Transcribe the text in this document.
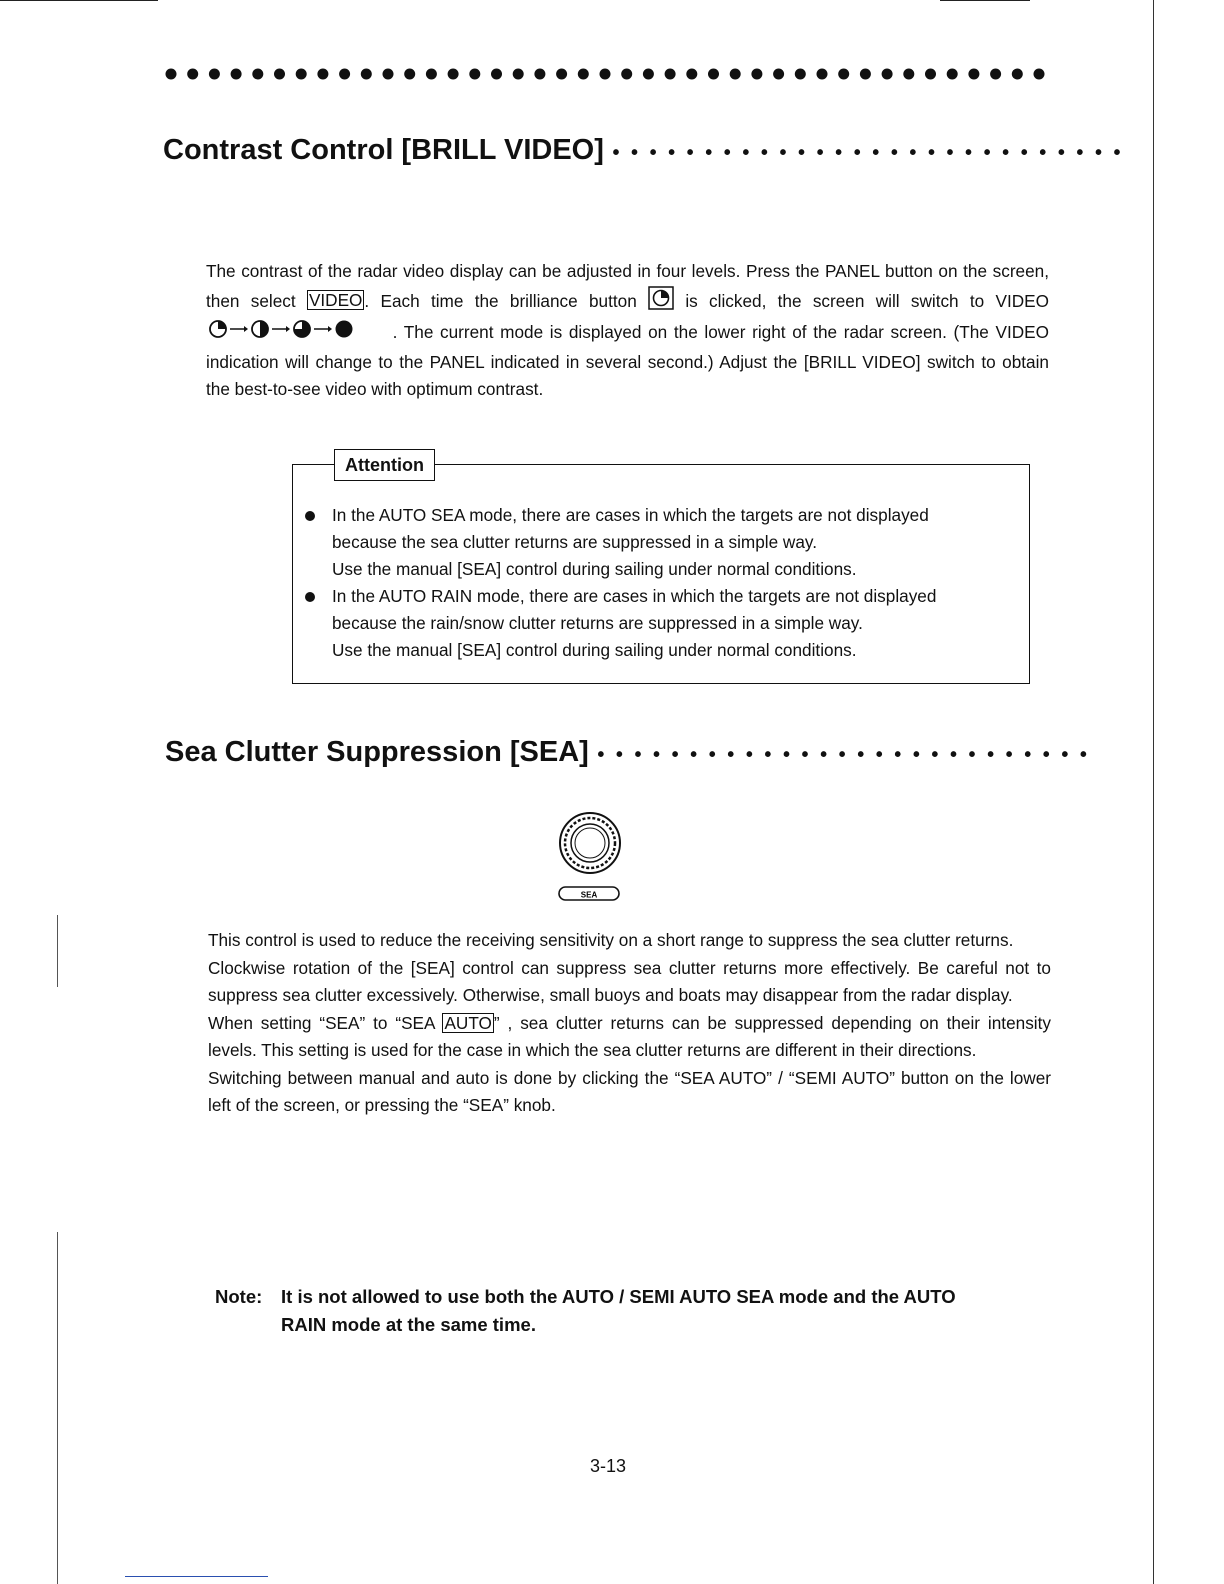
Contrast Control [BRILL VIDEO] • • • • • • • • • • • • • • • • • • • • • • • • • • • •
The contrast of the radar video display can be adjusted in four levels. Press the PANEL button on the screen, then select VIDEO . Each time the brilliance button  is clicked, the screen will switch to VIDEO  . The current mode is displayed on the lower right of the radar screen. (The VIDEO indication will change to the PANEL indicated in several second.) Adjust the [BRILL VIDEO] switch to obtain the best-to-see video with optimum contrast.
Attention
In the AUTO SEA mode, there are cases in which the targets are not displayed
because the sea clutter returns are suppressed in a simple way.
Use the manual [SEA] control during sailing under normal conditions.
In the AUTO RAIN mode, there are cases in which the targets are not displayed
because the rain/snow clutter returns are suppressed in a simple way.
Use the manual [SEA] control during sailing under normal conditions.
Sea Clutter Suppression [SEA] • • • • • • • • • • • • • • • • • • • • • • • • • • •
SEA
This control is used to reduce the receiving sensitivity on a short range to suppress the sea clutter returns.
Clockwise rotation of the [SEA] control can suppress sea clutter returns more effectively. Be careful not to suppress sea clutter excessively. Otherwise, small buoys and boats may disappear from the radar display.
When setting “SEA” to “SEA AUTO ” , sea clutter returns can be suppressed depending on their intensity levels. This setting is used for the case in which the sea clutter returns are different in their directions.
Switching between manual and auto is done by clicking the “SEA AUTO” / “SEMI AUTO” button on the lower left of the screen, or pressing the “SEA” knob.
Note: It is not allowed to use both the AUTO / SEMI AUTO SEA mode and the AUTO
RAIN mode at the same time.
3-13
